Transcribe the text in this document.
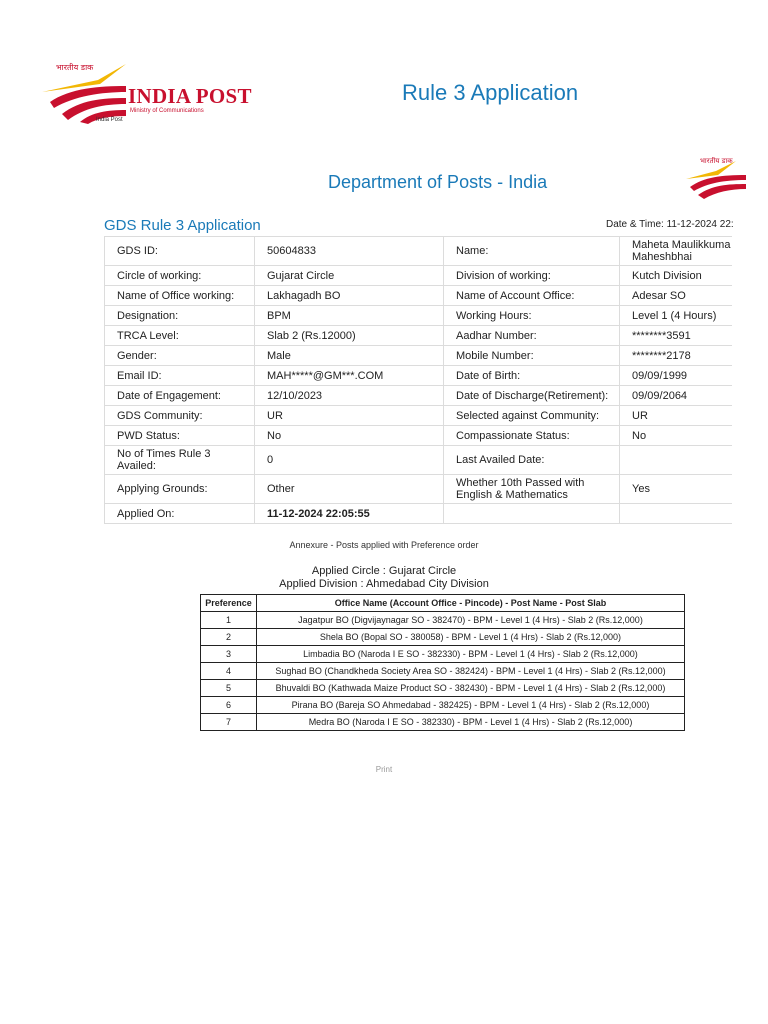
भारतीय डाक
INDIA POST
Ministry of Communications
India Post
Rule 3 Application
Department of Posts - India
भारतीय डाक
GDS Rule 3 Application	Date & Time: 11-12-2024 22:
GDS ID:	50604833	Name:	Maheta Maulikkuma Maheshbhai
Circle of working:	Gujarat Circle	Division of working:	Kutch Division
Name of Office working:	Lakhagadh BO	Name of Account Office:	Adesar SO
Designation:	BPM	Working Hours:	Level 1 (4 Hours)
TRCA Level:	Slab 2 (Rs.12000)	Aadhar Number:	********3591
Gender:	Male	Mobile Number:	********2178
Email ID:	MAH*****@GM***.COM	Date of Birth:	09/09/1999
Date of Engagement:	12/10/2023	Date of Discharge(Retirement):	09/09/2064
GDS Community:	UR	Selected against Community:	UR
PWD Status:	No	Compassionate Status:	No
No of Times Rule 3 Availed:	0	Last Availed Date:	
Applying Grounds:	Other	Whether 10th Passed with English & Mathematics	Yes
Applied On:	11-12-2024 22:05:55		
Annexure - Posts applied with Preference order
Applied Circle : Gujarat Circle
Applied Division : Ahmedabad City Division
Preference	Office Name (Account Office - Pincode) - Post Name - Post Slab
1	Jagatpur BO (Digvijaynagar SO - 382470) - BPM - Level 1 (4 Hrs) - Slab 2 (Rs.12,000)
2	Shela BO (Bopal SO - 380058) - BPM - Level 1 (4 Hrs) - Slab 2 (Rs.12,000)
3	Limbadia BO (Naroda I E SO - 382330) - BPM - Level 1 (4 Hrs) - Slab 2 (Rs.12,000)
4	Sughad BO (Chandkheda Society Area SO - 382424) - BPM - Level 1 (4 Hrs) - Slab 2 (Rs.12,000)
5	Bhuvaldi BO (Kathwada Maize Product SO - 382430) - BPM - Level 1 (4 Hrs) - Slab 2 (Rs.12,000)
6	Pirana BO (Bareja SO Ahmedabad - 382425) - BPM - Level 1 (4 Hrs) - Slab 2 (Rs.12,000)
7	Medra BO (Naroda I E SO - 382330) - BPM - Level 1 (4 Hrs) - Slab 2 (Rs.12,000)
Print
